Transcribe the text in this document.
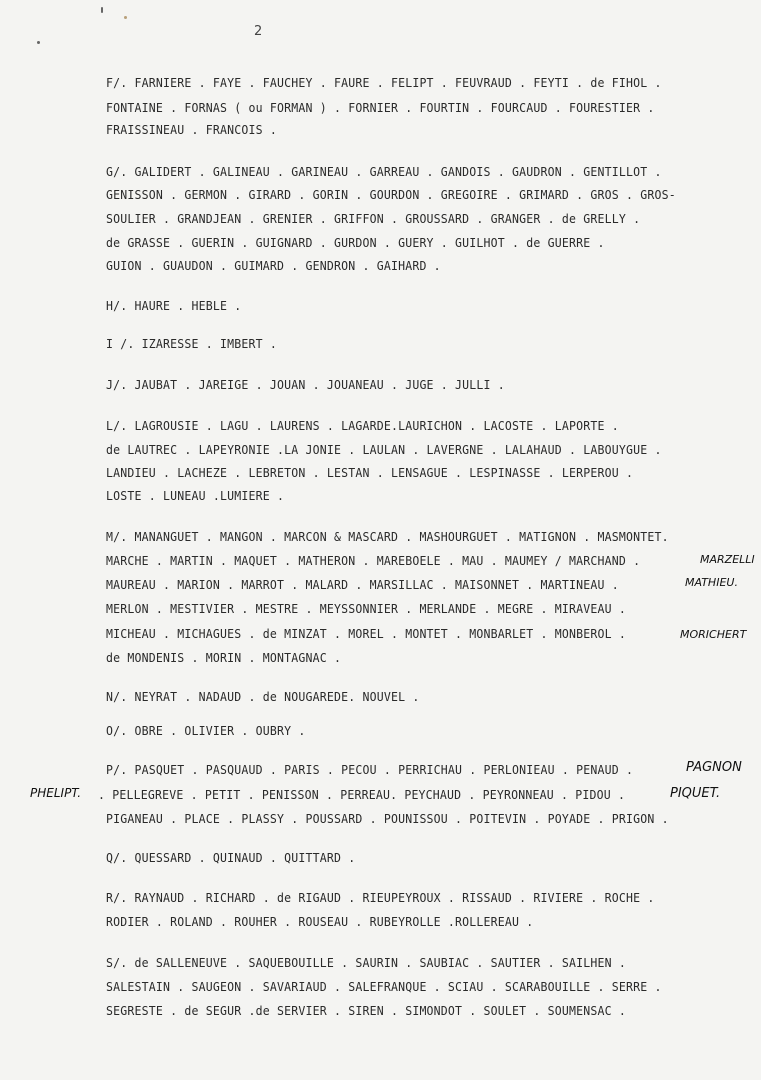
2
F/. FARNIERE . FAYE . FAUCHEY . FAURE . FELIPT . FEUVRAUD . FEYTI . de FIHOL .
FONTAINE . FORNAS ( ou FORMAN ) . FORNIER . FOURTIN . FOURCAUD . FOURESTIER .
FRAISSINEAU . FRANCOIS .
G/. GALIDERT . GALINEAU . GARINEAU . GARREAU . GANDOIS . GAUDRON . GENTILLOT .
GENISSON . GERMON . GIRARD . GORIN . GOURDON . GREGOIRE . GRIMARD . GROS . GROS-
SOULIER . GRANDJEAN . GRENIER . GRIFFON . GROUSSARD . GRANGER . de GRELLY .
de GRASSE . GUERIN . GUIGNARD . GURDON . GUERY . GUILHOT . de GUERRE .
GUION . GUAUDON . GUIMARD . GENDRON . GAIHARD .
H/. HAURE . HEBLE .
I /. IZARESSE . IMBERT .
J/. JAUBAT . JAREIGE . JOUAN . JOUANEAU . JUGE . JULLI .
L/. LAGROUSIE . LAGU . LAURENS . LAGARDE.LAURICHON . LACOSTE . LAPORTE .
de LAUTREC . LAPEYRONIE .LA JONIE . LAULAN . LAVERGNE . LALAHAUD . LABOUYGUE .
LANDIEU . LACHEZE . LEBRETON . LESTAN . LENSAGUE . LESPINASSE . LERPEROU .
LOSTE . LUNEAU .LUMIERE .
M/. MANANGUET . MANGON . MARCON & MASCARD . MASHOURGUET . MATIGNON . MASMONTET.
MARCHE . MARTIN . MAQUET . MATHERON . MAREBOELE . MAU . MAUMEY / MARCHAND .
MAUREAU . MARION . MARROT . MALARD . MARSILLAC . MAISONNET . MARTINEAU .
MERLON . MESTIVIER . MESTRE . MEYSSONNIER . MERLANDE . MEGRE . MIRAVEAU .
MICHEAU . MICHAGUES . de MINZAT . MOREL . MONTET . MONBARLET . MONBEROL .
de MONDENIS . MORIN . MONTAGNAC .
N/. NEYRAT . NADAUD . de NOUGAREDE. NOUVEL .
O/. OBRE . OLIVIER . OUBRY .
P/. PASQUET . PASQUAUD . PARIS . PECOU . PERRICHAU . PERLONIEAU . PENAUD .
. PELLEGREVE . PETIT . PENISSON . PERREAU. PEYCHAUD . PEYRONNEAU . PIDOU .
PIGANEAU . PLACE . PLASSY . POUSSARD . POUNISSOU . POITEVIN . POYADE . PRIGON .
Q/. QUESSARD . QUINAUD . QUITTARD .
R/. RAYNAUD . RICHARD . de RIGAUD . RIEUPEYROUX . RISSAUD . RIVIERE . ROCHE .
RODIER . ROLAND . ROUHER . ROUSEAU . RUBEYROLLE .ROLLEREAU .
S/. de SALLENEUVE . SAQUEBOUILLE . SAURIN . SAUBIAC . SAUTIER . SAILHEN .
SALESTAIN . SAUGEON . SAVARIAUD . SALEFRANQUE . SCIAU . SCARABOUILLE . SERRE .
SEGRESTE . de SEGUR .de SERVIER . SIREN . SIMONDOT . SOULET . SOUMENSAC .
MARZELLI
MATHIEU.
MORICHERT
PAGNON
PHELIPT.	PIQUET.
